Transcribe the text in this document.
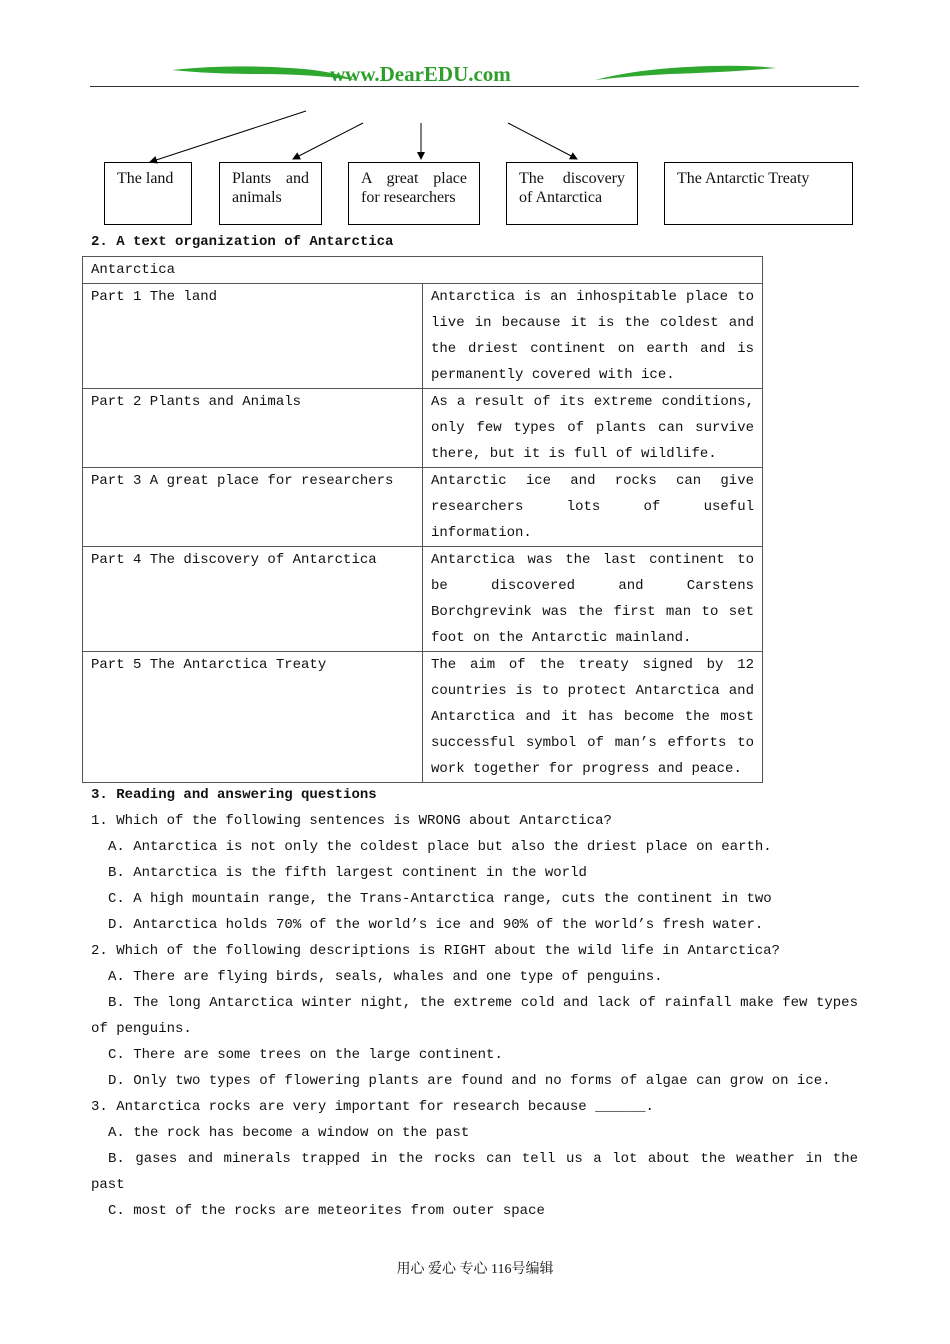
www.DearEDU.com
The land	Plants and animals
A great place for researchers
The discovery of Antarctica
The Antarctic Treaty
2. A text organization of Antarctica
Antarctica	
Part 1 The land	Antarctica is an inhospitable place to live in because it is the coldest and the driest continent on earth and is permanently covered with ice.
Part 2 Plants and Animals	As a result of its extreme conditions, only few types of plants can survive there, but it is full of wildlife.
Part 3 A great place for researchers	Antarctic ice and rocks can give researchers lots of useful information.
Part 4 The discovery of Antarctica	Antarctica was the last continent to be discovered and Carstens Borchgrevink was the first man to set foot on the Antarctic mainland.
Part 5 The Antarctica Treaty	The aim of the treaty signed by 12 countries is to protect Antarctica and Antarctica and it has become the most successful symbol of man’s efforts to work together for progress and peace.
3. Reading and answering questions
1. Which of the following sentences is WRONG about Antarctica?
A. Antarctica is not only the coldest place but also the driest place on earth.
B. Antarctica is the fifth largest continent in the world
C. A high mountain range, the Trans-Antarctica range, cuts the continent in two
D. Antarctica holds 70% of the world’s ice and 90% of the world’s fresh water.
2. Which of the following descriptions is RIGHT about the wild life in Antarctica?
A. There are flying birds, seals, whales and one type of penguins.
B. The long Antarctica winter night, the extreme cold and lack of rainfall make few types of penguins.
C. There are some trees on the large continent.
D. Only two types of flowering plants are found and no forms of algae can grow on ice.
3. Antarctica rocks are very important for research because ______.
A. the rock has become a window on the past
B. gases and minerals trapped in the rocks can tell us a lot about the weather in the past
C. most of the rocks are meteorites from outer space
用心 爱心 专心 116号编辑
